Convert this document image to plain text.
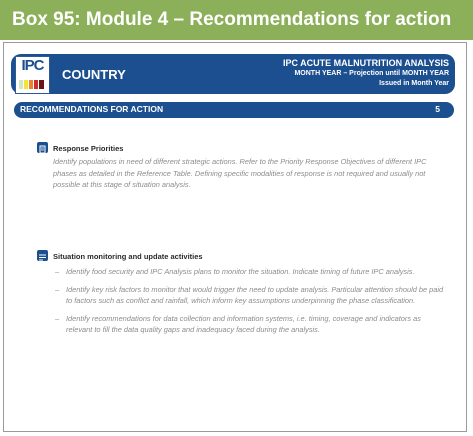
Box 95: Module 4 – Recommendations for action
IPC
COUNTRY
IPC ACUTE MALNUTRITION ANALYSIS
MONTH YEAR – Projection until MONTH YEAR
Issued in Month Year
RECOMMENDATIONS FOR ACTION	5
Response Priorities

Identify populations in need of different strategic actions. Refer to the Priority Response Objectives of different IPC phases as detailed in the Reference Table. Defining specific modalities of response is not required and usually not possible at this stage of situation analysis.

Situation monitoring and update activities
– Identify food security and IPC Analysis plans to monitor the situation. Indicate timing of future IPC analysis.
– Identify key risk factors to monitor that would trigger the need to update analysis. Particular attention should be paid to factors such as conflict and rainfall, which inform key assumptions underpinning the phase classification.
– Identify recommendations for data collection and information systems, i.e. timing, coverage and indicators as relevant to fill the data quality gaps and inadequacy faced during the analysis.
